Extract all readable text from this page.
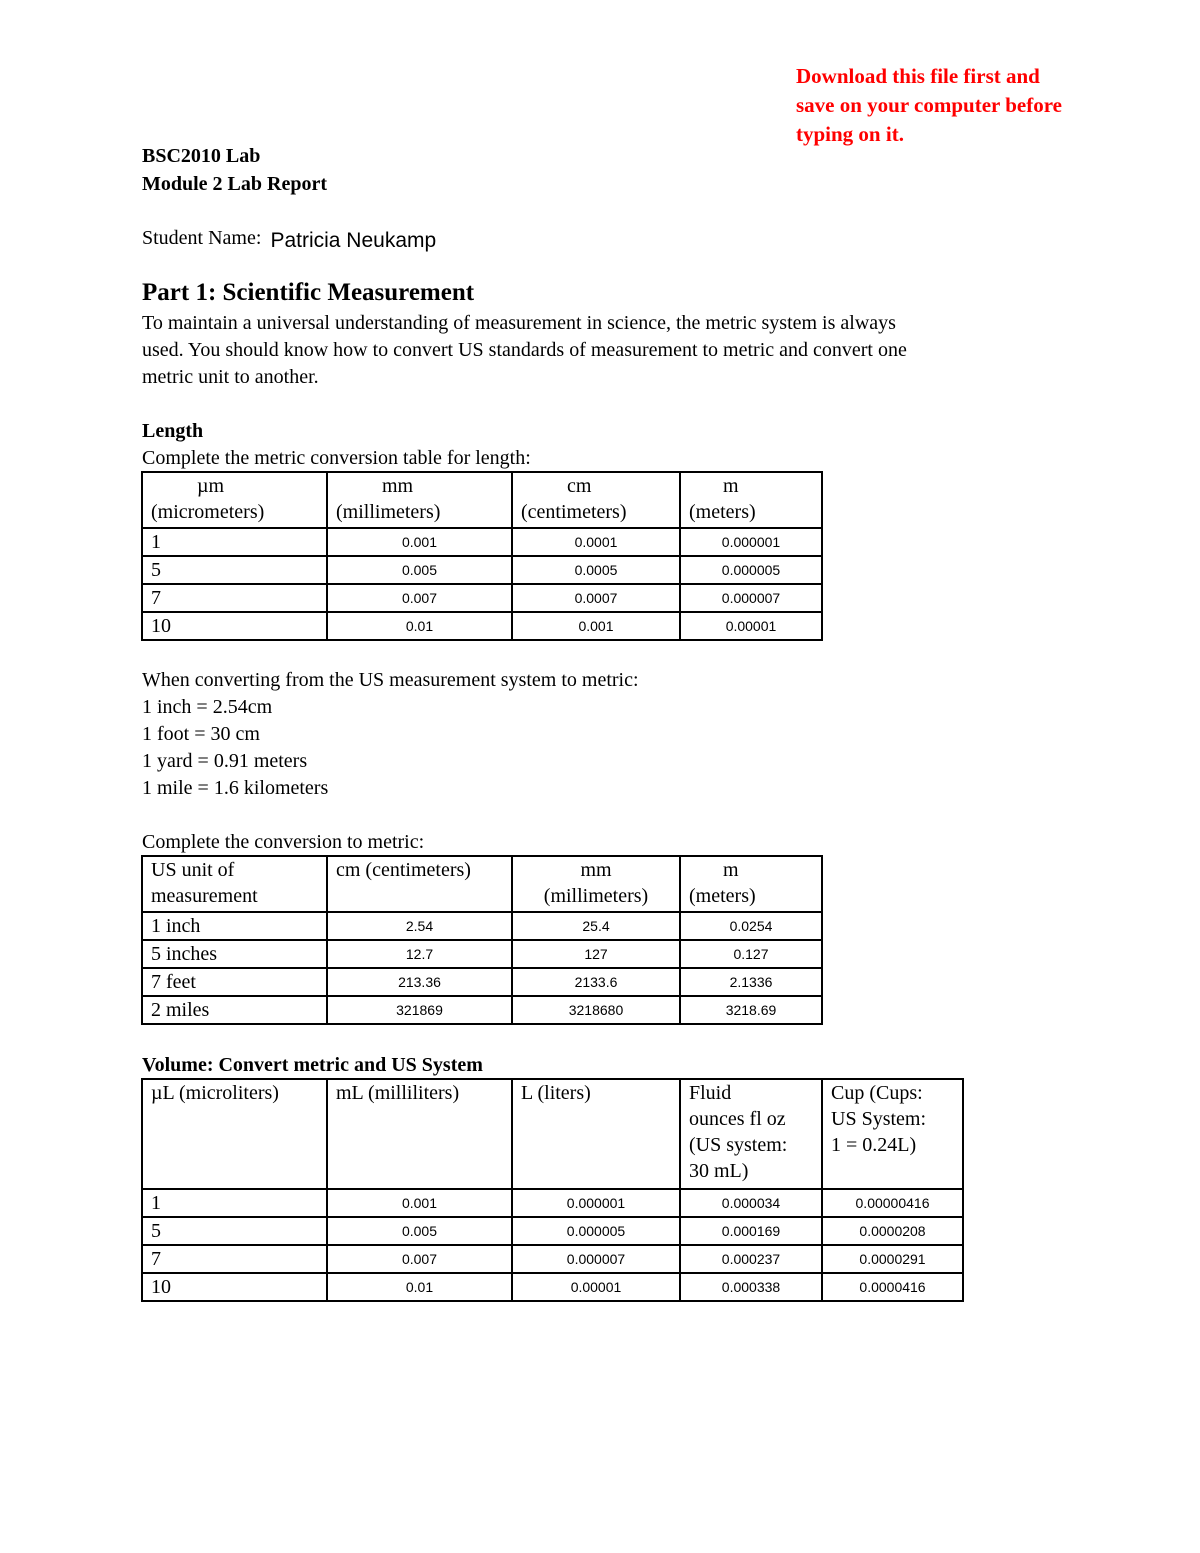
Download this file first and
save on your computer before
typing on it.
BSC2010 Lab
Module 2 Lab Report
Student Name: Patricia Neukamp
Part 1: Scientific Measurement
To maintain a universal understanding of measurement in science, the metric system is always
used. You should know how to convert US standards of measurement to metric and convert one
metric unit to another.
Length
Complete the metric conversion table for length:
µm
(micrometers)	mm
(millimeters)	cm
(centimeters)	m
(meters)
1	0.001	0.0001	0.000001
5	0.005	0.0005	0.000005
7	0.007	0.0007	0.000007
10	0.01	0.001	0.00001
When converting from the US measurement system to metric:
1 inch = 2.54cm
1 foot = 30 cm
1 yard = 0.91 meters
1 mile = 1.6 kilometers
Complete the conversion to metric:
US unit of
measurement	cm (centimeters)	mm
(millimeters)	m
(meters)
1 inch	2.54	25.4	0.0254
5 inches	12.7	127	0.127
7 feet	213.36	2133.6	2.1336
2 miles	321869	3218680	3218.69
Volume: Convert metric and US System
µL (microliters)	mL (milliliters)	L (liters)	Fluid
ounces fl oz
(US system:
30 mL)	Cup (Cups:
US System:
1 = 0.24L)
1	0.001	0.000001	0.000034	0.00000416
5	0.005	0.000005	0.000169	0.0000208
7	0.007	0.000007	0.000237	0.0000291
10	0.01	0.00001	0.000338	0.0000416
